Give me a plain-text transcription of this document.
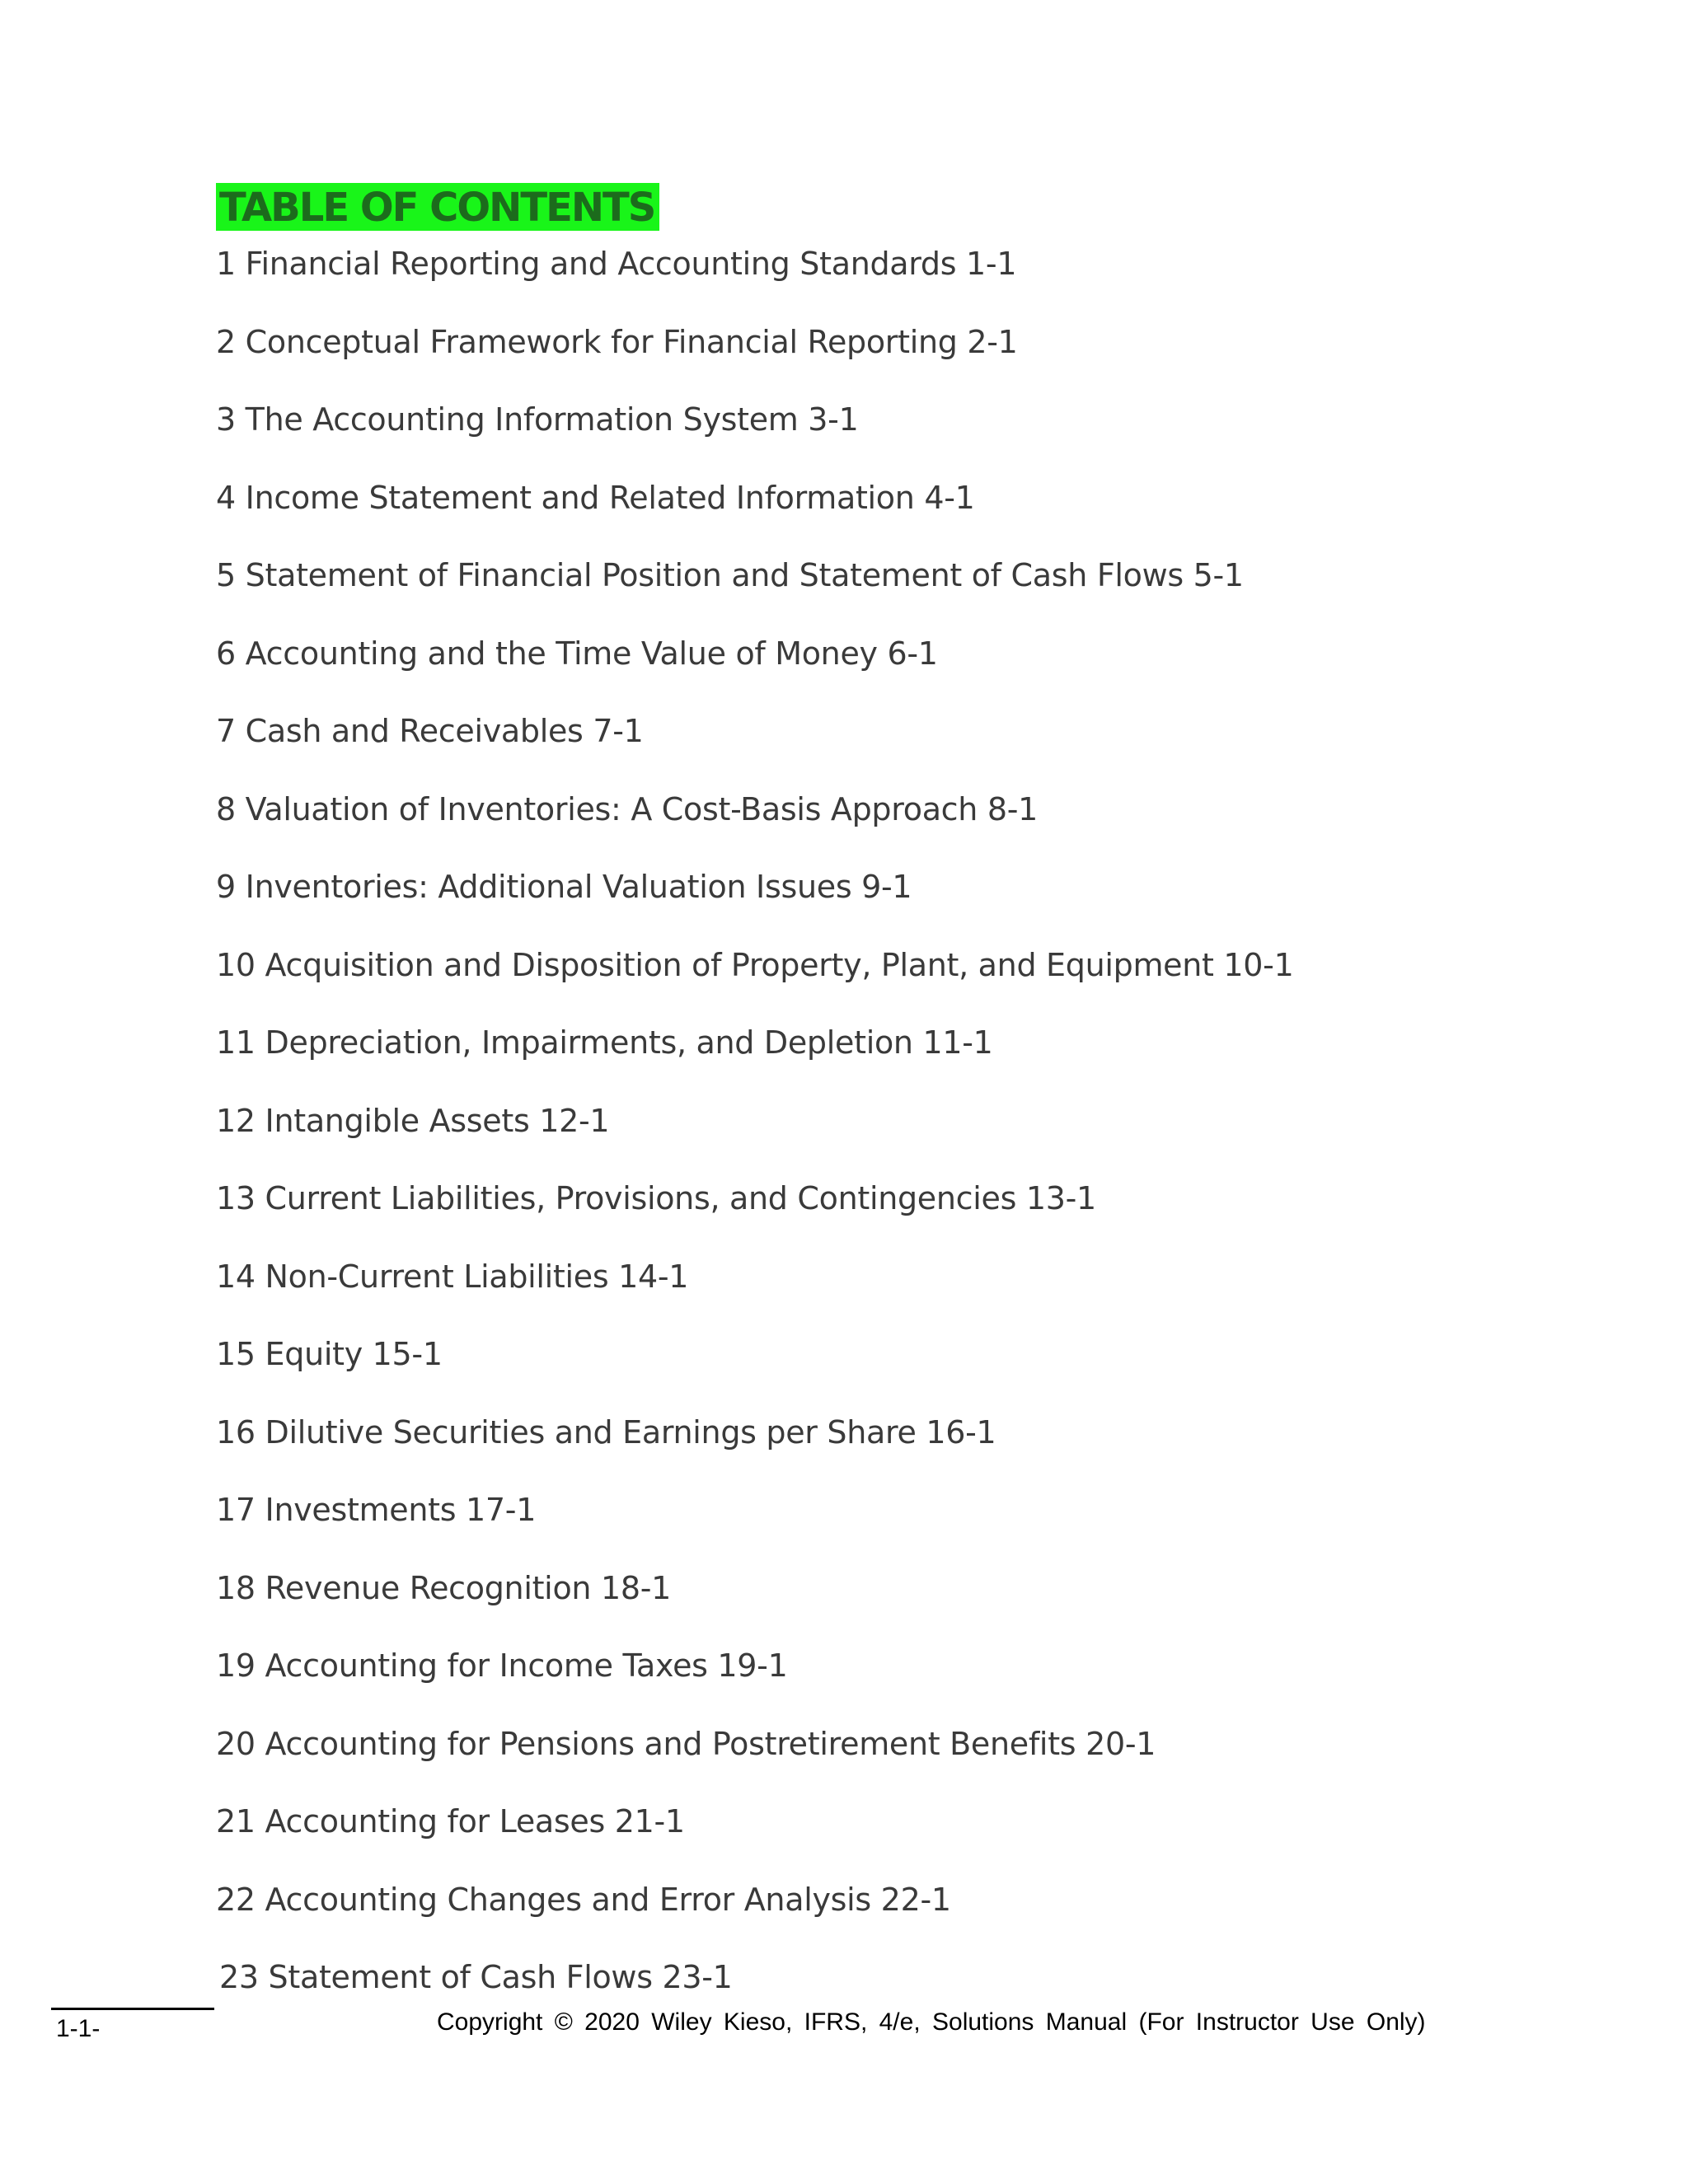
TABLE OF CONTENTS
1 Financial Reporting and Accounting Standards 1-1
2 Conceptual Framework for Financial Reporting 2-1
3 The Accounting Information System 3-1
4 Income Statement and Related Information 4-1
5 Statement of Financial Position and Statement of Cash Flows 5-1
6 Accounting and the Time Value of Money 6-1
7 Cash and Receivables 7-1
8 Valuation of Inventories: A Cost-Basis Approach 8-1
9 Inventories: Additional Valuation Issues 9-1
10 Acquisition and Disposition of Property, Plant, and Equipment 10-1
11 Depreciation, Impairments, and Depletion 11-1
12 Intangible Assets 12-1
13 Current Liabilities, Provisions, and Contingencies 13-1
14 Non-Current Liabilities 14-1
15 Equity 15-1
16 Dilutive Securities and Earnings per Share 16-1
17 Investments 17-1
18 Revenue Recognition 18-1
19 Accounting for Income Taxes 19-1
20 Accounting for Pensions and Postretirement Benefits 20-1
21 Accounting for Leases 21-1
22 Accounting Changes and Error Analysis 22-1
23 Statement of Cash Flows 23-1
1-1-	Copyright © 2020 Wiley Kieso, IFRS, 4/e, Solutions Manual (For Instructor Use Only)
